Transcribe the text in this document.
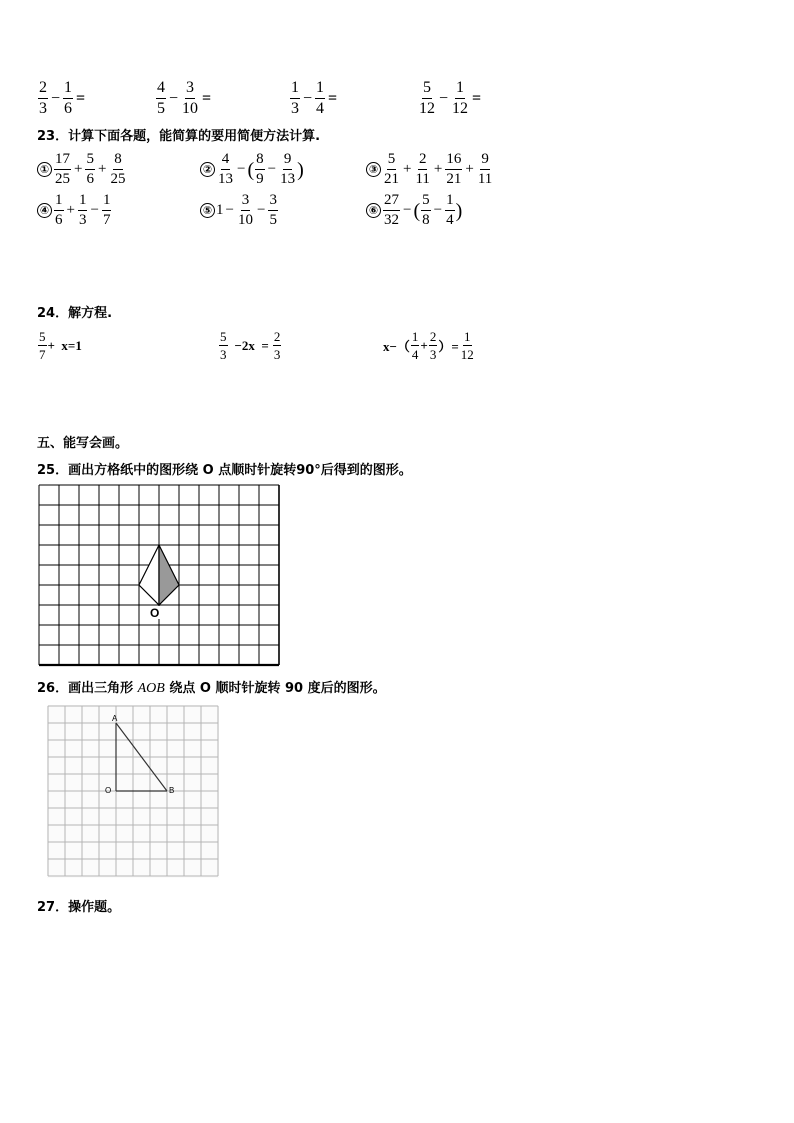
$\frac{2}{3} - \frac{1}{6}$ =	$\frac{4}{5} - \frac{3}{10}$ =	$\frac{1}{3} - \frac{1}{4}$ =	$\frac{5}{12} - \frac{1}{12}$ =
23．计算下面各题，能简算的要用简便方法计算.
① $\frac{17}{25} + \frac{5}{6} + \frac{8}{25}$	② $\frac{4}{13}$ − ( $\frac{8}{9} - \frac{9}{13}$ )	③ $\frac{5}{21} + \frac{2}{11} + \frac{16}{21} + \frac{9}{11}$
④ $\frac{1}{6} + \frac{1}{3} - \frac{1}{7}$	⑤ $1 - \frac{3}{10} - \frac{3}{5}$	⑥ $\frac{27}{32}$ − ( $\frac{5}{8} - \frac{1}{4}$ )
24．解方程.
$\frac{5}{7} + x=1$	$\frac{5}{3} -2x = \frac{2}{3}$	$x-( \frac{1}{4} + \frac{2}{3}$ ）= $\frac{1}{12}$
五、能写会画。
25．画出方格纸中的图形绕 O 点顺时针旋转90°后得到的图形。
O
26．画出三角形 AOB 绕点 O 顺时针旋转 90 度后的图形。
A
O	B
27．操作题。
